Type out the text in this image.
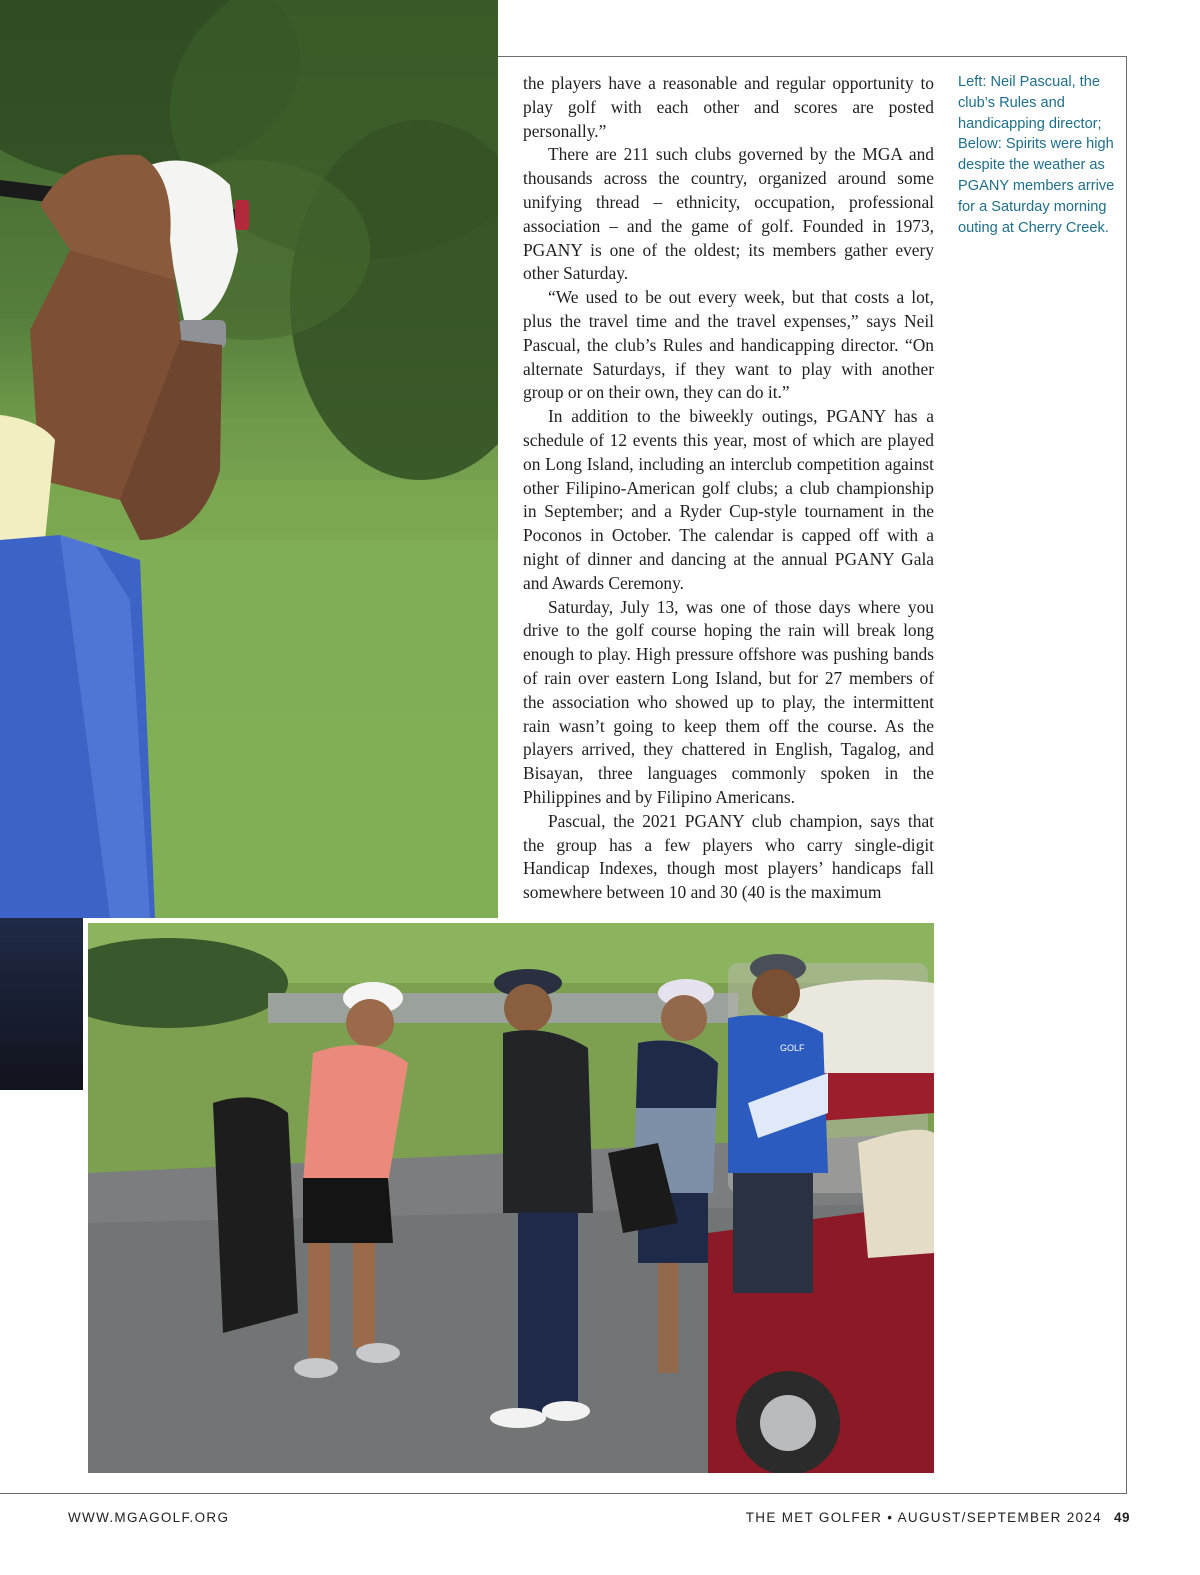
the players have a reasonable and regular opportunity to play golf with each other and scores are posted personally.”

There are 211 such clubs governed by the MGA and thousands across the country, organized around some unifying thread – ethnicity, occupation, professional association – and the game of golf. Founded in 1973, PGANY is one of the oldest; its members gather every other Saturday.

“We used to be out every week, but that costs a lot, plus the travel time and the travel expenses,” says Neil Pascual, the club’s Rules and handicapping director. “On alternate Saturdays, if they want to play with another group or on their own, they can do it.”

In addition to the biweekly outings, PGANY has a schedule of 12 events this year, most of which are played on Long Island, including an interclub competition against other Filipino-American golf clubs; a club championship in September; and a Ryder Cup-style tournament in the Poconos in October. The calendar is capped off with a night of dinner and dancing at the annual PGANY Gala and Awards Ceremony.

Saturday, July 13, was one of those days where you drive to the golf course hoping the rain will break long enough to play. High pressure offshore was pushing bands of rain over eastern Long Island, but for 27 members of the association who showed up to play, the intermittent rain wasn’t going to keep them off the course. As the players arrived, they chattered in English, Tagalog, and Bisayan, three languages commonly spoken in the Philippines and by Filipino Americans.

Pascual, the 2021 PGANY club champion, says that the group has a few players who carry single-digit Handicap Indexes, though most players’ handicaps fall somewhere between 10 and 30 (40 is the maximum

Left: Neil Pascual, the club’s Rules and handicapping director; Below: Spirits were high despite the weather as PGANY members arrive for a Saturday morning outing at Cherry Creek.
GOLF
WWW.MGAGOLF.ORG	THE MET GOLFER • AUGUST/SEPTEMBER 2024 49
